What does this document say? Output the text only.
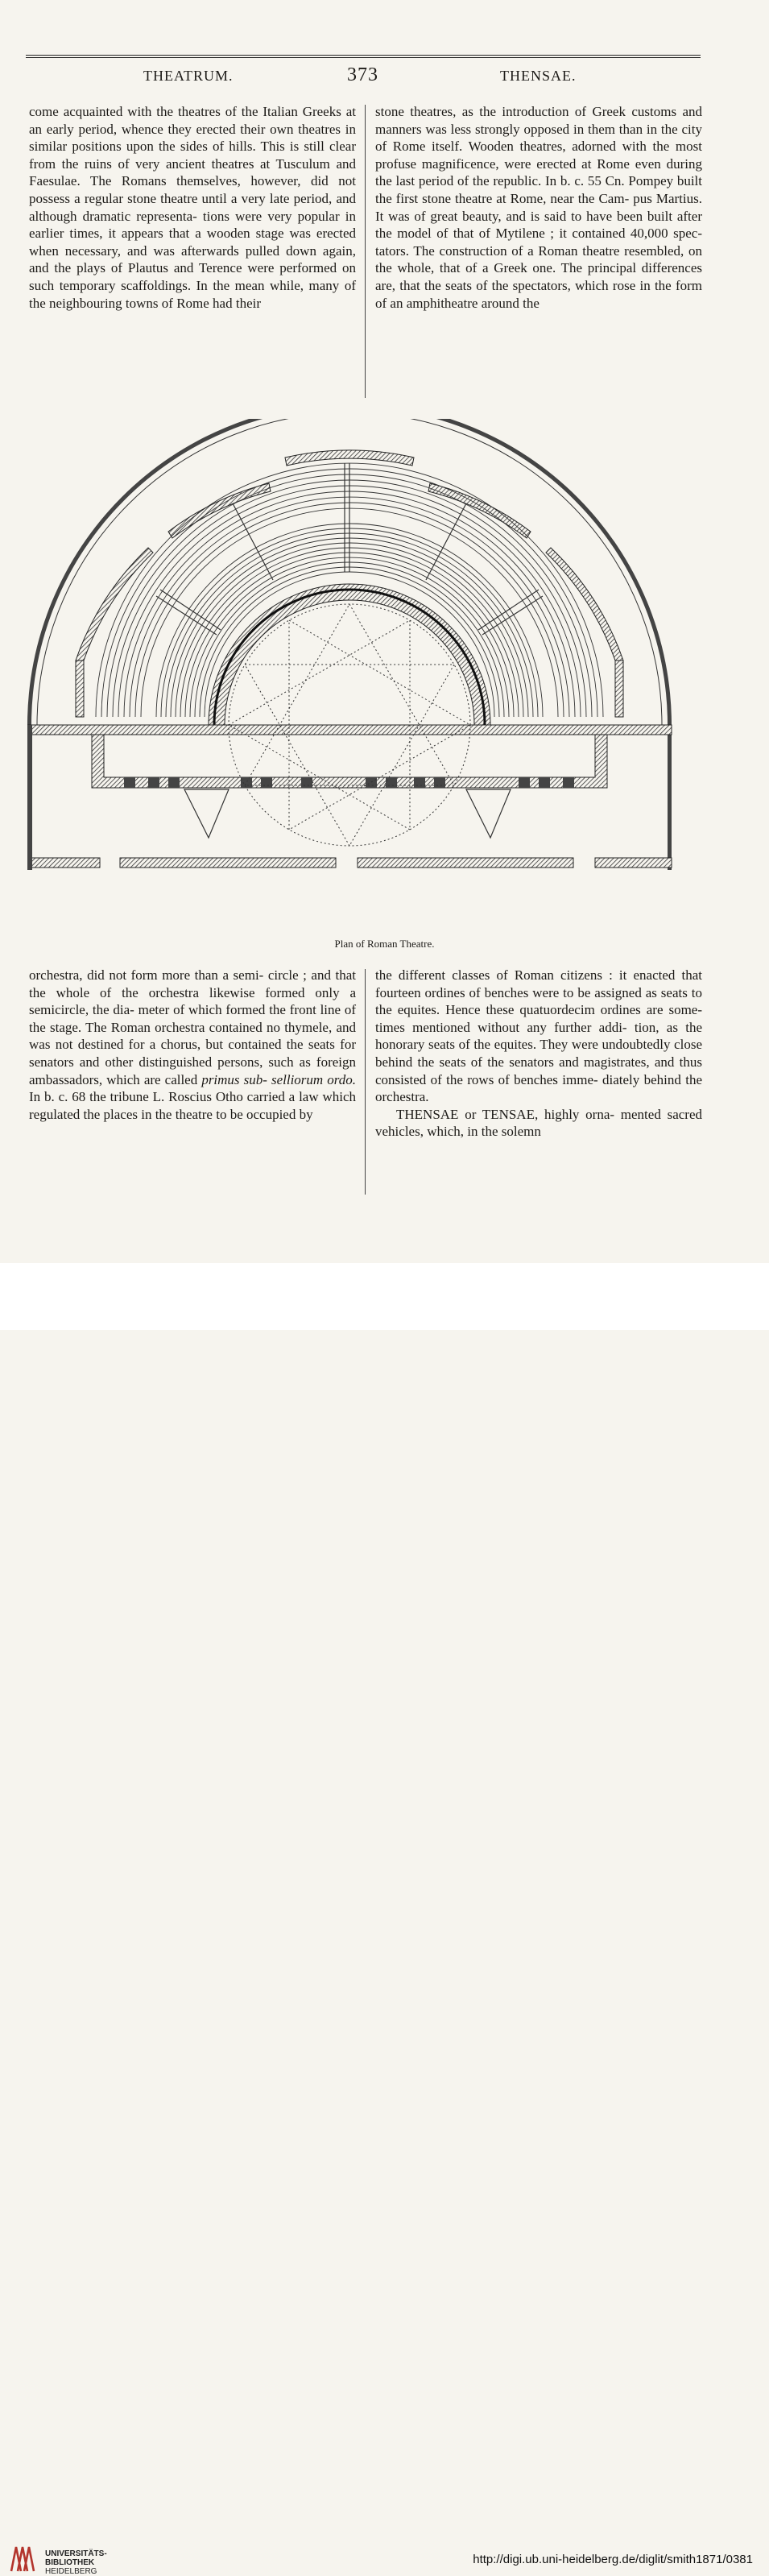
THEATRUM.	373	THENSAE.

come acquainted with the theatres of the Italian Greeks at an early period, whence they erected their own theatres in similar positions upon the sides of hills. This is still clear from the ruins of very ancient theatres at Tusculum and Faesulae. The Romans themselves, however, did not possess a regular stone theatre until a very late period, and although dramatic representa- tions were very popular in earlier times, it appears that a wooden stage was erected when necessary, and was afterwards pulled down again, and the plays of Plautus and Terence were performed on such temporary scaffoldings. In the mean while, many of the neighbouring towns of Rome had their

stone theatres, as the introduction of Greek customs and manners was less strongly opposed in them than in the city of Rome itself. Wooden theatres, adorned with the most profuse magnificence, were erected at Rome even during the last period of the republic. In b. c. 55 Cn. Pompey built the first stone theatre at Rome, near the Cam- pus Martius. It was of great beauty, and is said to have been built after the model of that of Mytilene ; it contained 40,000 spec- tators. The construction of a Roman theatre resembled, on the whole, that of a Greek one. The principal differences are, that the seats of the spectators, which rose in the form of an amphitheatre around the

Plan of Roman Theatre.

orchestra, did not form more than a semi- circle ; and that the whole of the orchestra likewise formed only a semicircle, the dia- meter of which formed the front line of the stage. The Roman orchestra contained no thymele, and was not destined for a chorus, but contained the seats for senators and other distinguished persons, such as foreign ambassadors, which are called primus sub- selliorum ordo. In b. c. 68 the tribune L. Roscius Otho carried a law which regulated the places in the theatre to be occupied by

the different classes of Roman citizens : it enacted that fourteen ordines of benches were to be assigned as seats to the equites. Hence these quatuordecim ordines are some- times mentioned without any further addi- tion, as the honorary seats of the equites. They were undoubtedly close behind the seats of the senators and magistrates, and thus consisted of the rows of benches imme- diately behind the orchestra.

THENSAE or TENSAE, highly orna- mented sacred vehicles, which, in the solemn

UNIVERSITÄTS-
BIBLIOTHEK
HEIDELBERG
http://digi.ub.uni-heidelberg.de/diglit/smith1871/0381
